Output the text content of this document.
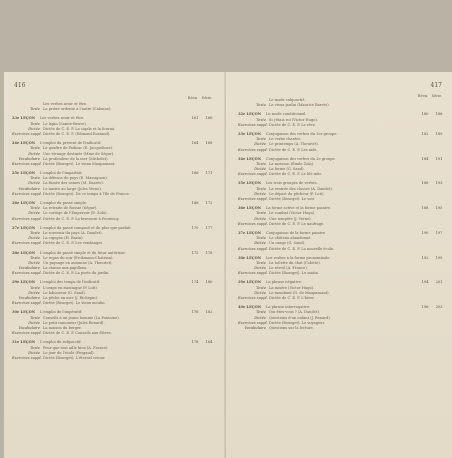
416
Réen. Série.
Les verbes avoir et être.
Texte La prière ardente à l'autre (Calonne).
23e LEÇON Les verbes avoir et être.	161 166
Texte Le lapin (Sainte-Beuve).
Dictée Dictée de C. E. P. La cigale et la fourmi.
Exercices suppl.Dictée de C. E. P. (Edmond Rostand).
24e LEÇON L'emploi du présent de l'indicatif.	164 168
Texte Le gouffre de Padirac (E. Jacquelines).
Dictée Une étrange destinée (Mme de Ségur).
Vocabulaire La profondeur de la mer (Michelet).
Exercices suppl.Dictée (Bourget). Le vieux Maupassant.
25e LEÇON L'emploi de l'imparfait.	166 171
Texte La défense du pays (E. Massignon).
Dictée La fumée des usines (M. Suarès).
Vocabulaire Le navire au large (Jules Verne).
Exercices suppl.Dictée (Bourget). De ce temps à l'île de France.
26e LEÇON L'emploi du passé simple.	168 172
Texte La retraite de Russie (Ségur).
Dictée Le cortège de l'Empereur (E. Zola).
Exercices suppl.Dictée de C. E. P. La bravoure à Fontenoy.
27e LEÇON L'emploi du passé composé et du plus-que-parfait.	170 177
Texte Le souvenir du pays (A. Daudet).
Dictée La cigogne (H. Bazin).
Exercices suppl.Dictée de C. E. P. Les vendanges.
28e LEÇON L'emploi du passé simple et du futur antérieur.	172 178
Texte Le repas du soir (Erckmann-Chatrian).
Dictée Un paysage en automne (A. Theuriet).
Vocabulaire La chasse aux papillons.
Exercices suppl.Dictée de C. E. P. La porte du jardin.
29e LEÇON L'emploi des temps de l'indicatif.	174 180
Texte L'orage en montagne (P. Loti).
Dictée Le laboureur (G. Sand).
Vocabulaire La pêche en mer (J. Richepin).
Exercices suppl.Dictée (Bourget). Le vieux moulin.
30e LEÇON L'emploi de l'impératif.	176 182
Texte Conseils à un jeune homme (La Fontaine).
Dictée Le petit ramoneur (Jules Renard).
Vocabulaire La maison du berger.
Exercices suppl.Dictée de C. E. P. Conseils aux élèves.
31e LEÇON L'emploi du subjonctif.	178 184
Texte Pour que tout aille bien (A. France).
Dictée Le jour de l'école (Pergaud).
Exercices suppl.Dictée (Bourget). L'éternel retour.
417
Réen. Série.
Le mode subjonctif.
Texte Le vieux jardin (Maurice Barrès).
32e LEÇON Le mode conditionnel.	180 186
Texte Si j'étais roi (Victor Hugo).
Exercices suppl.Dictée de C. E. P. Le rêve.
33e LEÇON Conjugaison des verbes du 1er groupe.	182 189
Texte Le verbe chanter.
Dictée Le printemps (A. Theuriet).
Exercices suppl.Dictée de C. E. P. Les nids.
34e LEÇON Conjugaison des verbes du 2e groupe.	184 191
Texte La moisson (Émile Zola).
Dictée La ferme (G. Sand).
Exercices suppl.Dictée de C. E. P. Le blé mûr.
35e LEÇON Les trois groupes de verbes.	186 193
Texte La rentrée des classes (A. Daudet).
Dictée Le départ du pêcheur (P. Loti).
Exercices suppl.Dictée (Bourget). Le soir.
36e LEÇON La forme active et la forme passive.	188 195
Texte Le combat (Victor Hugo).
Dictée Une tempête (J. Verne).
Exercices suppl.Dictée de C. E. P. Le naufrage.
37e LEÇON Conjugaison de la forme passive.	190 197
Texte Le château abandonné.
Dictée Un orage (G. Sand).
Exercices suppl.Dictée de C. E. P. La nouvelle école.
38e LEÇON Les verbes à la forme pronominale.	192 199
Texte La toilette du chat (Colette).
Dictée Le réveil (A. France).
Exercices suppl.Dictée (Bourget). Le matin.
39e LEÇON La phrase négative.	194 201
Texte La misère (Victor Hugo).
Dictée Le mendiant (G. de Maupassant).
Exercices suppl.Dictée de C. E. P. L'hiver.
40e LEÇON La phrase interrogative.	196 203
Texte Qui êtes-vous ? (A. Daudet).
Dictée Questions d'un enfant (J. Renard).
Exercices suppl.Dictée (Bourget). Le voyageur.
Vocabulaire Questions sur la lecture.
